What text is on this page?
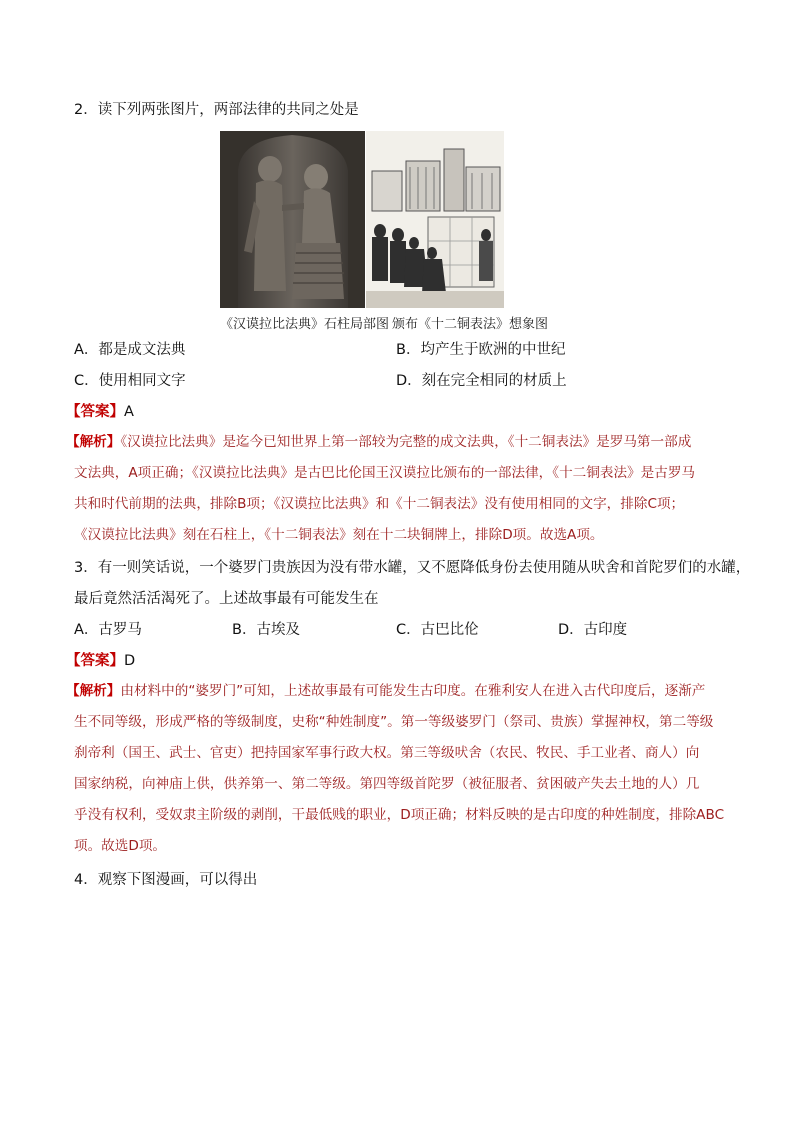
2．读下列两张图片，两部法律的共同之处是
《汉谟拉比法典》石柱局部图 颁布《十二铜表法》想象图
A．都是成文法典	B．均产生于欧洲的中世纪
C．使用相同文字	D．刻在完全相同的材质上
【答案】A
【解析】《汉谟拉比法典》是迄今已知世界上第一部较为完整的成文法典，《十二铜表法》是罗马第一部成
文法典，A项正确；《汉谟拉比法典》是古巴比伦国王汉谟拉比颁布的一部法律，《十二铜表法》是古罗马
共和时代前期的法典，排除B项；《汉谟拉比法典》和《十二铜表法》没有使用相同的文字，排除C项；
《汉谟拉比法典》刻在石柱上，《十二铜表法》刻在十二块铜牌上，排除D项。故选A项。
3．有一则笑话说，一个婆罗门贵族因为没有带水罐，又不愿降低身份去使用随从吠舍和首陀罗们的水罐，
最后竟然活活渴死了。上述故事最有可能发生在
A．古罗马	B．古埃及	C．古巴比伦	D．古印度
【答案】D
【解析】由材料中的“婆罗门”可知，上述故事最有可能发生古印度。在雅利安人在进入古代印度后，逐渐产
生不同等级，形成严格的等级制度，史称“种姓制度”。第一等级婆罗门（祭司、贵族）掌握神权，第二等级
刹帝利（国王、武士、官吏）把持国家军事行政大权。第三等级吠舍（农民、牧民、手工业者、商人）向
国家纳税，向神庙上供，供养第一、第二等级。第四等级首陀罗（被征服者、贫困破产失去土地的人）几
乎没有权利，受奴隶主阶级的剥削，干最低贱的职业，D项正确；材料反映的是古印度的种姓制度，排除ABC
项。故选D项。
4．观察下图漫画，可以得出
